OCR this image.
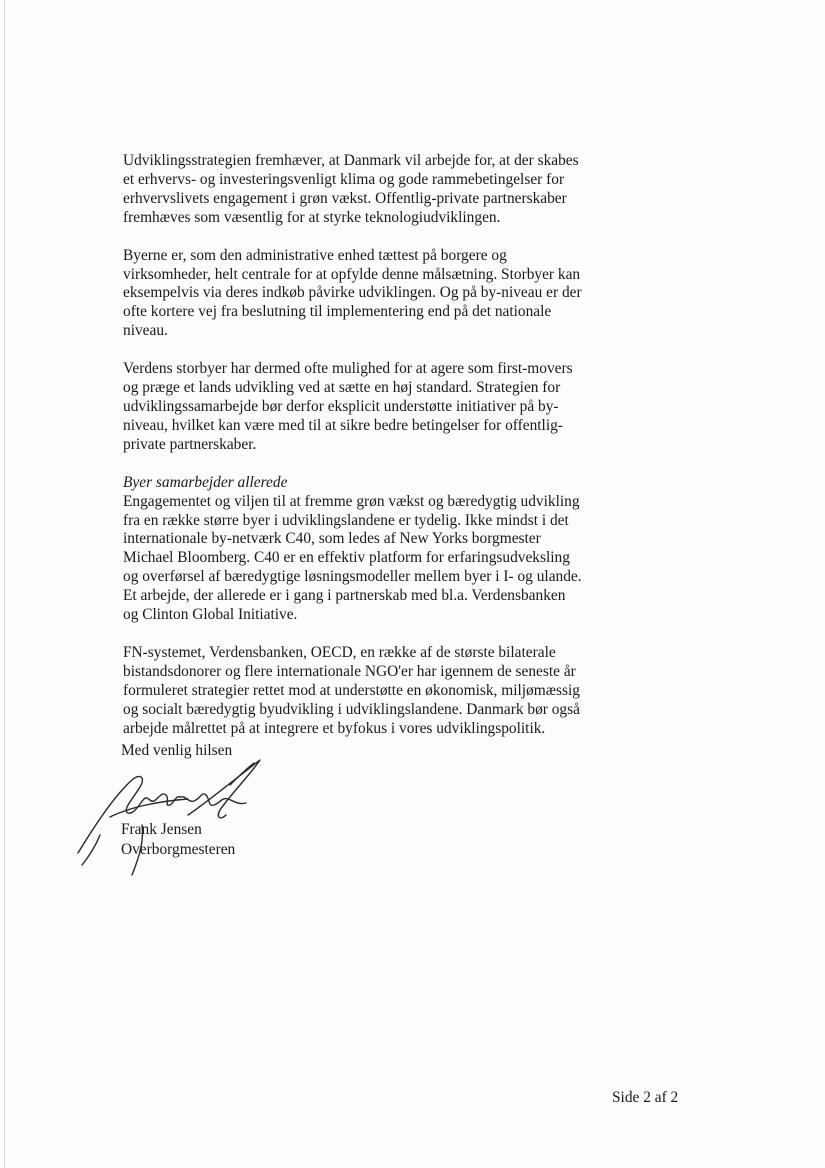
Udviklingsstrategien fremhæver, at Danmark vil arbejde for, at der skabes

et erhvervs- og investeringsvenligt klima og gode rammebetingelser for

erhvervslivets engagement i grøn vækst. Offentlig-private partnerskaber

fremhæves som væsentlig for at styrke teknologiudviklingen.

Byerne er, som den administrative enhed tættest på borgere og

virksomheder, helt centrale for at opfylde denne målsætning. Storbyer kan

eksempelvis via deres indkøb påvirke udviklingen. Og på by-niveau er der

ofte kortere vej fra beslutning til implementering end på det nationale

niveau.

Verdens storbyer har dermed ofte mulighed for at agere som first-movers

og præge et lands udvikling ved at sætte en høj standard. Strategien for

udviklingssamarbejde bør derfor eksplicit understøtte initiativer på by-

niveau, hvilket kan være med til at sikre bedre betingelser for offentlig-

private partnerskaber.

Byer samarbejder allerede

Engagementet og viljen til at fremme grøn vækst og bæredygtig udvikling

fra en række større byer i udviklingslandene er tydelig. Ikke mindst i det

internationale by-netværk C40, som ledes af New Yorks borgmester

Michael Bloomberg. C40 er en effektiv platform for erfaringsudveksling

og overførsel af bæredygtige løsningsmodeller mellem byer i I- og ulande.

Et arbejde, der allerede er i gang i partnerskab med bl.a. Verdensbanken

og Clinton Global Initiative.

FN-systemet, Verdensbanken, OECD, en række af de største bilaterale

bistandsdonorer og flere internationale NGO'er har igennem de seneste år

formuleret strategier rettet mod at understøtte en økonomisk, miljømæssig

og socialt bæredygtig byudvikling i udviklingslandene. Danmark bør også

arbejde målrettet på at integrere et byfokus i vores udviklingspolitik.

Med venlig hilsen
Frank Jensen
Overborgmesteren
Side 2 af 2
